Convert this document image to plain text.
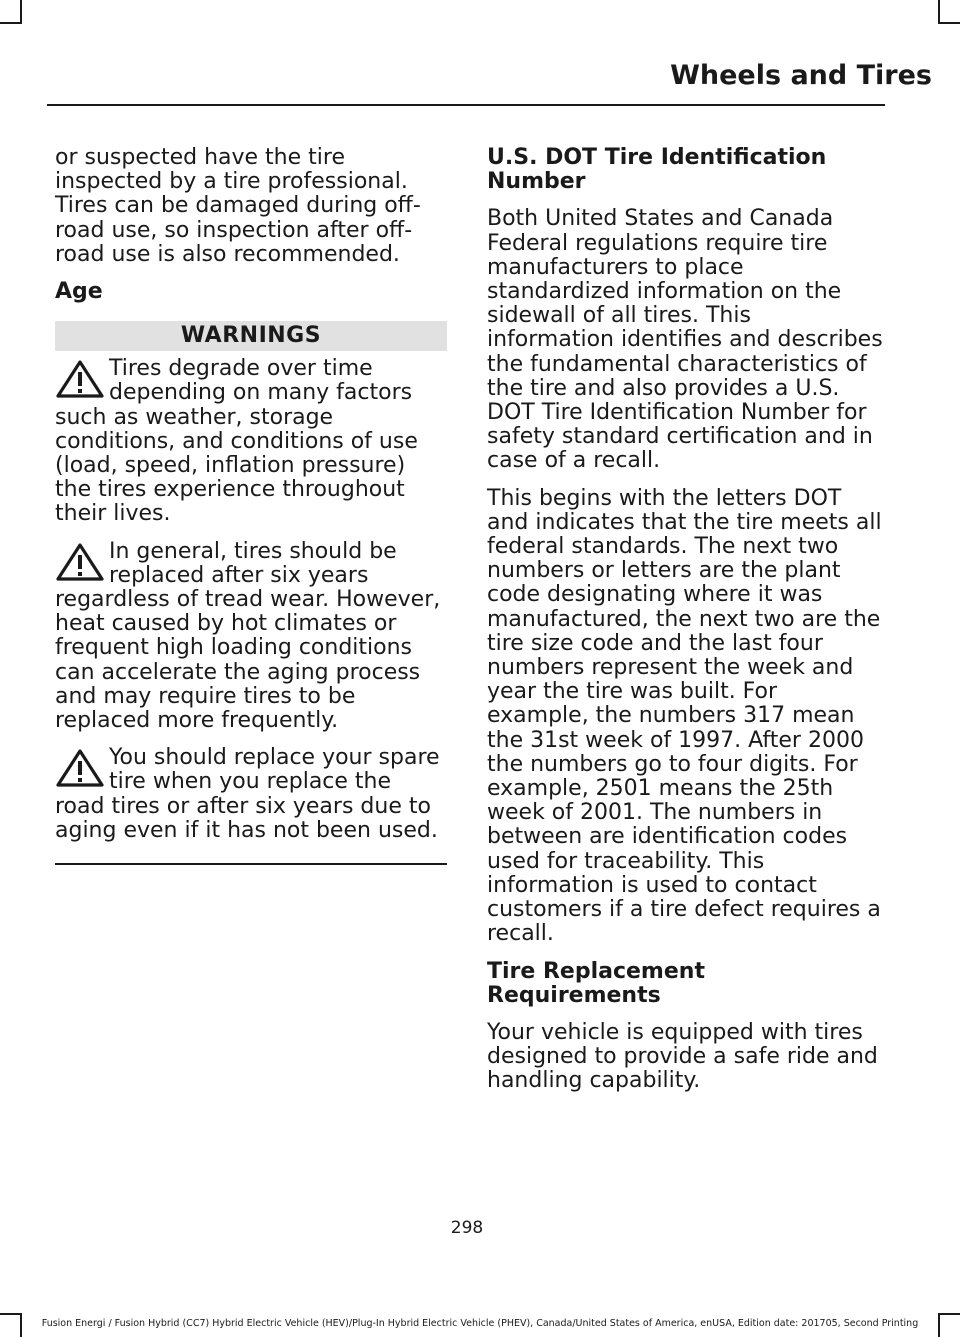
Wheels and Tires

or suspected have the tire inspected by a tire professional. Tires can be damaged during off-road use, so inspection after off-road use is also recommended.

Age
WARNINGS
Tires degrade over time depending on many factors such as weather, storage conditions, and conditions of use (load, speed, inflation pressure) the tires experience throughout their lives.
In general, tires should be replaced after six years regardless of tread wear. However, heat caused by hot climates or frequent high loading conditions can accelerate the aging process and may require tires to be replaced more frequently.
You should replace your spare tire when you replace the road tires or after six years due to aging even if it has not been used.
U.S. DOT Tire Identification Number

Both United States and Canada Federal regulations require tire manufacturers to place standardized information on the sidewall of all tires. This information identifies and describes the fundamental characteristics of the tire and also provides a U.S. DOT Tire Identification Number for safety standard certification and in case of a recall.

This begins with the letters DOT and indicates that the tire meets all federal standards. The next two numbers or letters are the plant code designating where it was manufactured, the next two are the tire size code and the last four numbers represent the week and year the tire was built. For example, the numbers 317 mean the 31st week of 1997. After 2000 the numbers go to four digits. For example, 2501 means the 25th week of 2001. The numbers in between are identification codes used for traceability. This information is used to contact customers if a tire defect requires a recall.

Tire Replacement Requirements

Your vehicle is equipped with tires designed to provide a safe ride and handling capability.

298
Fusion Energi / Fusion Hybrid (CC7) Hybrid Electric Vehicle (HEV)/Plug-In Hybrid Electric Vehicle (PHEV), Canada/United States of America, enUSA, Edition date: 201705, Second Printing
